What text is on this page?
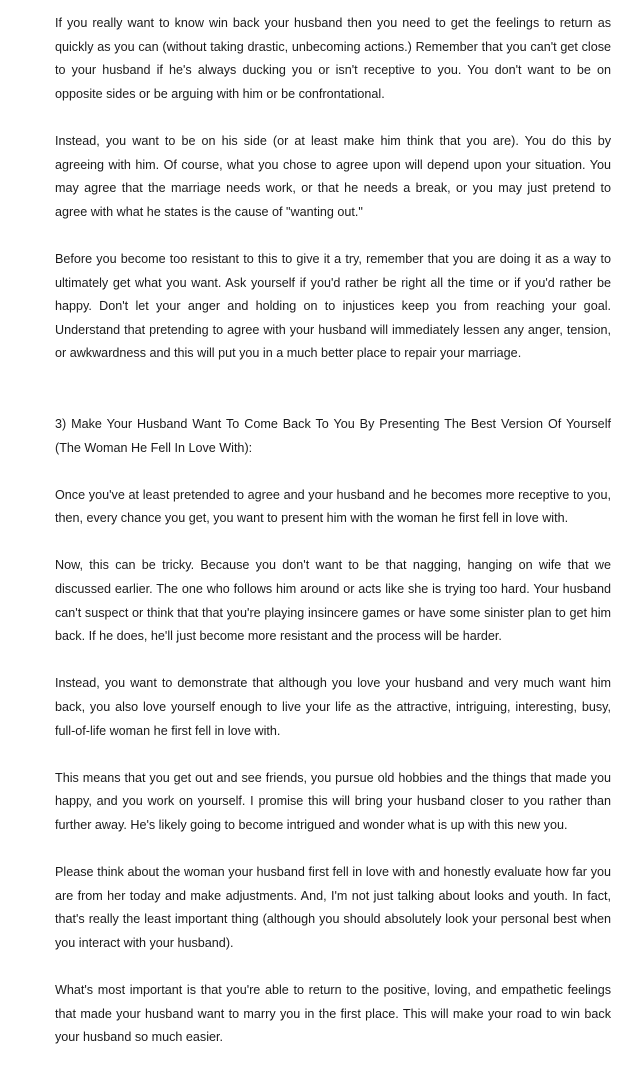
If you really want to know win back your husband then you need to get the feelings to return as quickly as you can (without taking drastic, unbecoming actions.) Remember that you can't get close to your husband if he's always ducking you or isn't receptive to you. You don't want to be on opposite sides or be arguing with him or be confrontational.

Instead, you want to be on his side (or at least make him think that you are). You do this by agreeing with him. Of course, what you chose to agree upon will depend upon your situation. You may agree that the marriage needs work, or that he needs a break, or you may just pretend to agree with what he states is the cause of "wanting out."

Before you become too resistant to this to give it a try, remember that you are doing it as a way to ultimately get what you want. Ask yourself if you'd rather be right all the time or if you'd rather be happy. Don't let your anger and holding on to injustices keep you from reaching your goal. Understand that pretending to agree with your husband will immediately lessen any anger, tension, or awkwardness and this will put you in a much better place to repair your marriage.

3) Make Your Husband Want To Come Back To You By Presenting The Best Version Of Yourself (The Woman He Fell In Love With):

Once you've at least pretended to agree and your husband and he becomes more receptive to you, then, every chance you get, you want to present him with the woman he first fell in love with.

Now, this can be tricky. Because you don't want to be that nagging, hanging on wife that we discussed earlier. The one who follows him around or acts like she is trying too hard. Your husband can't suspect or think that that you're playing insincere games or have some sinister plan to get him back. If he does, he'll just become more resistant and the process will be harder.

Instead, you want to demonstrate that although you love your husband and very much want him back, you also love yourself enough to live your life as the attractive, intriguing, interesting, busy, full-of-life woman he first fell in love with.

This means that you get out and see friends, you pursue old hobbies and the things that made you happy, and you work on yourself. I promise this will bring your husband closer to you rather than further away. He's likely going to become intrigued and wonder what is up with this new you.

Please think about the woman your husband first fell in love with and honestly evaluate how far you are from her today and make adjustments. And, I'm not just talking about looks and youth. In fact, that's really the least important thing (although you should absolutely look your personal best when you interact with your husband).

What's most important is that you're able to return to the positive, loving, and empathetic feelings that made your husband want to marry you in the first place. This will make your road to win back your husband so much easier.
